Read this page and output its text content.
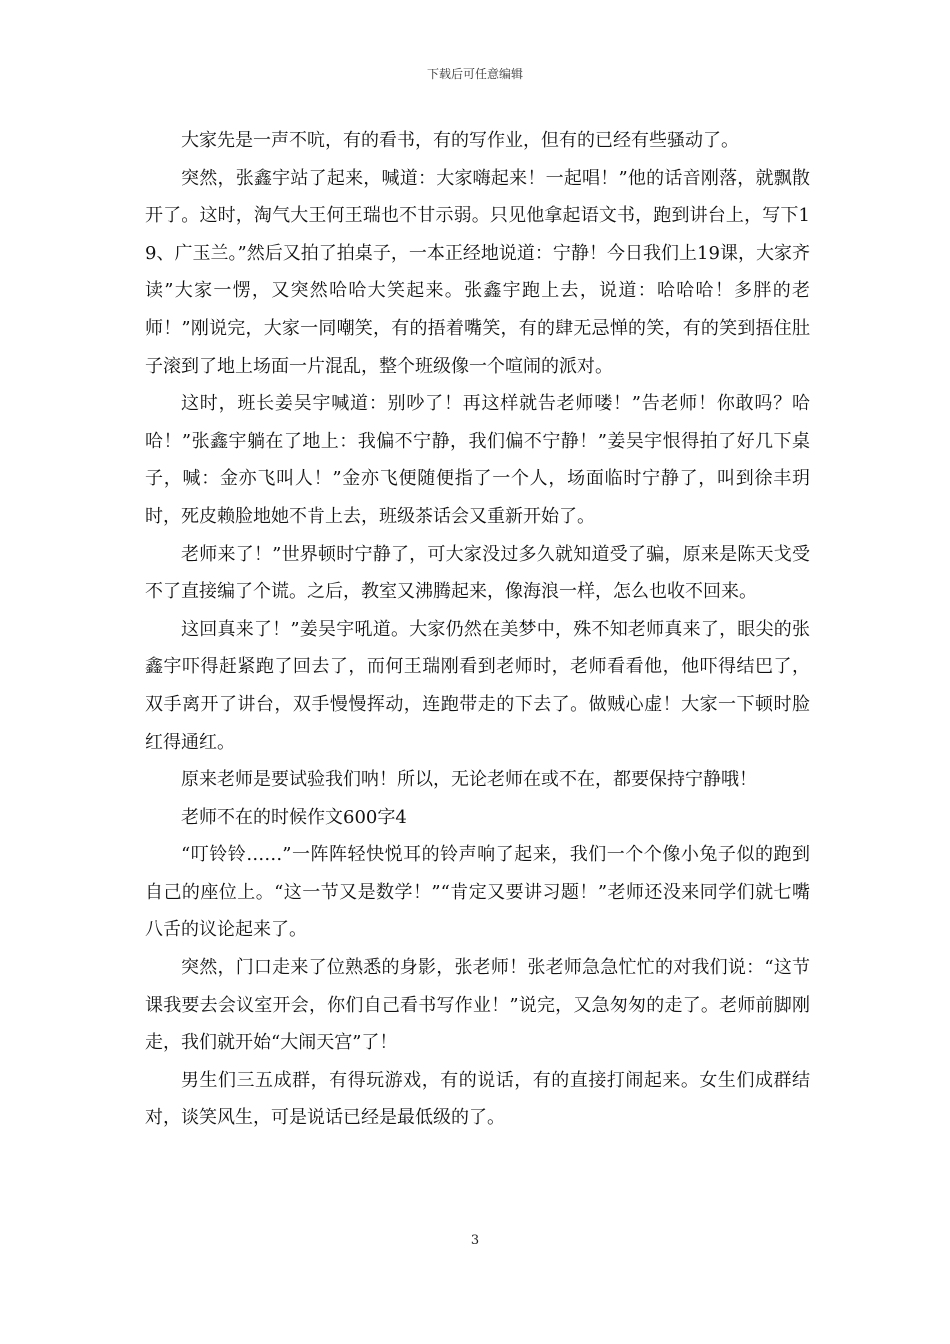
下载后可任意编辑

大家先是一声不吭，有的看书，有的写作业，但有的已经有些骚动了。

突然，张鑫宇站了起来，喊道：大家嗨起来！一起唱！”他的话音刚落，就飘散开了。这时，淘气大王何王瑞也不甘示弱。只见他拿起语文书，跑到讲台上，写下19、广玉兰。”然后又拍了拍桌子，一本正经地说道：宁静！今日我们上19课，大家齐读”大家一愣，又突然哈哈大笑起来。张鑫宇跑上去，说道：哈哈哈！多胖的老师！”刚说完，大家一同嘲笑，有的捂着嘴笑，有的肆无忌惮的笑，有的笑到捂住肚子滚到了地上场面一片混乱，整个班级像一个喧闹的派对。

这时，班长姜吴宇喊道：别吵了！再这样就告老师喽！”告老师！你敢吗？哈哈！”张鑫宇躺在了地上：我偏不宁静，我们偏不宁静！”姜吴宇恨得拍了好几下桌子，喊：金亦飞叫人！”金亦飞便随便指了一个人，场面临时宁静了，叫到徐丰玥时，死皮赖脸地她不肯上去，班级茶话会又重新开始了。

老师来了！”世界顿时宁静了，可大家没过多久就知道受了骗，原来是陈天戈受不了直接编了个谎。之后，教室又沸腾起来，像海浪一样，怎么也收不回来。

这回真来了！”姜吴宇吼道。大家仍然在美梦中，殊不知老师真来了，眼尖的张鑫宇吓得赶紧跑了回去了，而何王瑞刚看到老师时，老师看看他，他吓得结巴了，双手离开了讲台，双手慢慢挥动，连跑带走的下去了。做贼心虚！大家一下顿时脸红得通红。

原来老师是要试验我们呐！所以，无论老师在或不在，都要保持宁静哦！

老师不在的时候作文600字4

“叮铃铃……”一阵阵轻快悦耳的铃声响了起来，我们一个个像小兔子似的跑到自己的座位上。“这一节又是数学！”“肯定又要讲习题！”老师还没来同学们就七嘴八舌的议论起来了。

突然，门口走来了位熟悉的身影，张老师！张老师急急忙忙的对我们说：“这节课我要去会议室开会，你们自己看书写作业！”说完，又急匆匆的走了。老师前脚刚走，我们就开始“大闹天宫”了！

男生们三五成群，有得玩游戏，有的说话，有的直接打闹起来。女生们成群结对，谈笑风生，可是说话已经是最低级的了。

3
